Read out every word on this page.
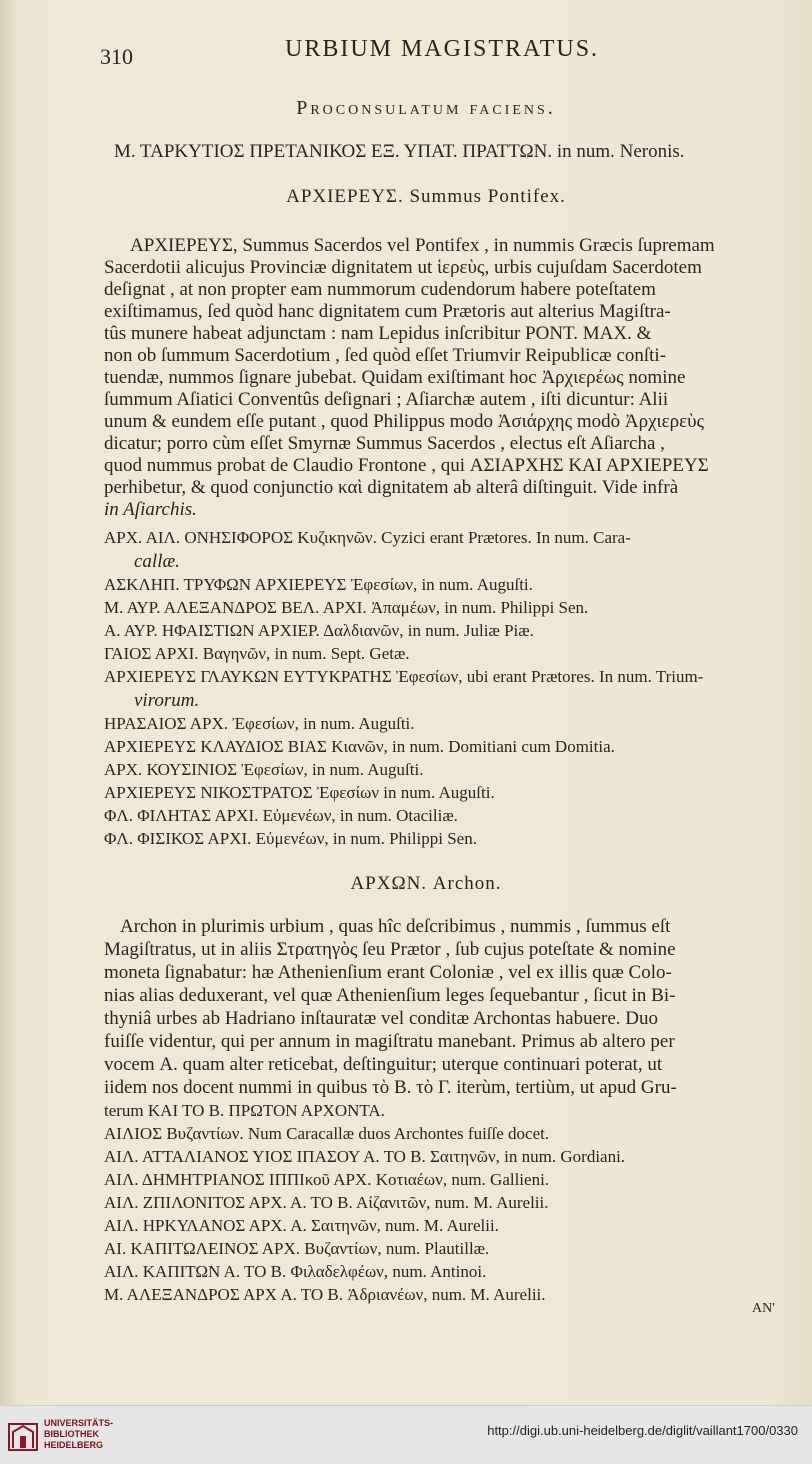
310	URBIUM MAGISTRATUS.
Proconsulatum faciens.
Μ. ΤΑΡΚΥΤΙΟΣ ΠΡΕΤΑΝΙΚΟΣ ΕΞ. ΥΠΑΤ. ΠΡΑΤΤΩΝ. in num. Neronis.
ΑΡΧΙΕΡΕΥΣ. Summus Pontifex.
ΑΡΧΙΕΡΕΥΣ, Summus Sacerdos vel Pontifex , in nummis Græcis ſupremam
Sacerdotii alicujus Provinciæ dignitatem ut ἱερεὺς, urbis cujuſdam Sacerdotem
deſignat , at non propter eam nummorum cudendorum habere poteſtatem
exiſtimamus, ſed quòd hanc dignitatem cum Prætoris aut alterius Magiſtra-
tûs munere habeat adjunctam : nam Lepidus inſcribitur PONT. MAX. &
non ob ſummum Sacerdotium , ſed quòd eſſet Triumvir Reipublicæ conſti-
tuendæ, nummos ſignare jubebat. Quidam exiſtimant hoc Ἀρχιερέως nomine
ſummum Aſiatici Conventûs deſignari ; Aſiarchæ autem , iſti dicuntur: Alii
unum & eundem eſſe putant , quod Philippus modo Ἀσιάρχης modò Ἀρχιερεὺς
dicatur; porro cùm eſſet Smyrnæ Summus Sacerdos , electus eſt Aſiarcha ,
quod nummus probat de Claudio Frontone , qui ΑΣΙΑΡΧΗΣ ΚΑΙ ΑΡΧΙΕΡΕΥΣ
perhibetur, & quod conjunctio καὶ dignitatem ab alterâ diſtinguit. Vide infrà
in Aſiarchis.
ΑΡΧ. ΑΙΛ. ΟΝΗΣΙΦΟΡΟΣ Κυζικηνῶν. Cyzici erant Prætores. In num. Cara-
callæ.
ΑΣΚΛΗΠ. ΤΡΥΦΩΝ ΑΡΧΙΕΡΕΥΣ Ἐφεσίων, in num. Auguſti.
Μ. ΑΥΡ. ΑΛΕΞΑΝΔΡΟΣ ΒΕΛ. ΑΡΧΙ. Ἀπαμέων, in num. Philippi Sen.
Α. ΑΥΡ. ΗΦΑΙΣΤΙΩΝ ΑΡΧΙΕΡ. Δαλδιανῶν, in num. Juliæ Piæ.
ΓΑΙΟΣ ΑΡΧΙ. Βαγηνῶν, in num. Sept. Getæ.
ΑΡΧΙΕΡΕΥΣ ΓΛΑΥΚΩΝ ΕΥΤΥΚΡΑΤΗΣ Ἐφεσίων, ubi erant Prætores. In num. Trium-
virorum.
ΗΡΑΣΑΙΟΣ ΑΡΧ. Ἐφεσίων, in num. Auguſti.
ΑΡΧΙΕΡΕΥΣ ΚΛΑΥΔΙΟΣ ΒΙΑΣ Κιανῶν, in num. Domitiani cum Domitia.
ΑΡΧ. ΚΟΥΣΙΝΙΟΣ Ἐφεσίων, in num. Auguſti.
ΑΡΧΙΕΡΕΥΣ ΝΙΚΟΣΤΡΑΤΟΣ Ἐφεσίων in num. Auguſti.
ΦΛ. ΦΙΛΗΤΑΣ ΑΡΧΙ. Εὐμενέων, in num. Otaciliæ.
ΦΛ. ΦΙΣΙΚΟΣ ΑΡΧΙ. Εὐμενέων, in num. Philippi Sen.
ΑΡΧΩΝ. Archon.
Archon in plurimis urbium , quas hîc deſcribimus , nummis , ſummus eſt
Magiſtratus, ut in aliis Στρατηγὸς ſeu Prætor , ſub cujus poteſtate & nomine
moneta ſignabatur: hæ Athenienſium erant Coloniæ , vel ex illis quæ Colo-
nias alias deduxerant, vel quæ Athenienſium leges ſequebantur , ſicut in Bi-
thyniâ urbes ab Hadriano inſtauratæ vel conditæ Archontas habuere. Duo
fuiſſe videntur, qui per annum in magiſtratu manebant. Primus ab altero per
vocem Α. quam alter reticebat, deſtinguitur; uterque continuari poterat, ut
iidem nos docent nummi in quibus τὸ Β. τὸ Γ. iterùm, tertiùm, ut apud Gru-
terum ΚΑΙ ΤΟ Β. ΠΡΩΤΟΝ ΑΡΧΟΝΤΑ.
ΑΙΛΙΟΣ Βυζαντίων. Num Caracallæ duos Archontes fuiſſe docet.
ΑΙΛ. ΑΤΤΑΛΙΑΝΟΣ ΥΙΟΣ ΙΠΑΣΟΥ Α. ΤΟ Β. Σαιτηνῶν, in num. Gordiani.
ΑΙΛ. ΔΗΜΗΤΡΙΑΝΟΣ ΙΠΠΙκοῦ ΑΡΧ. Κοτιαέων, num. Gallieni.
ΑΙΛ. ΖΠΙΛΟΝΙΤΟΣ ΑΡΧ. Α. ΤΟ Β. Αἰζανιτῶν, num. M. Aurelii.
ΑΙΛ. ΗΡΚΥΛΑΝΟΣ ΑΡΧ. Α. Σαιτηνῶν, num. M. Aurelii.
ΑΙ. ΚΑΠΙΤΩΛΕΙΝΟΣ ΑΡΧ. Βυζαντίων, num. Plautillæ.
ΑΙΛ. ΚΑΠΙΤΩΝ Α. ΤΟ Β. Φιλαδελφέων, num. Antinoi.
Μ. ΑΛΕΞΑΝΔΡΟΣ ΑΡΧ Α. ΤΟ Β. Ἀδριανέων, num. M. Aurelii.
ΑΝ'
UNIVERSITÄTS-
BIBLIOTHEK
HEIDELBERG
http://digi.ub.uni-heidelberg.de/diglit/vaillant1700/0330
